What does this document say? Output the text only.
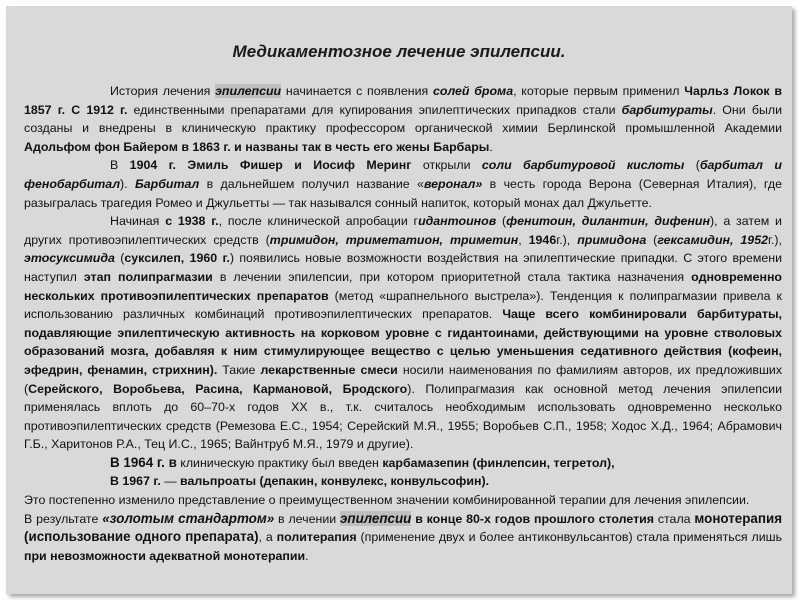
Медикаментозное лечение эпилепсии.

История лечения эпилепсии начинается с появления солей брома, которые первым применил Чарльз Локок в 1857 г. С 1912 г. единственными препаратами для купирования эпилептических припадков стали барбитураты. Они были созданы и внедрены в клиническую практику профессором органической химии Берлинской промышленной Академии Адольфом фон Байером в 1863 г. и названы так в честь его жены Барбары.

В 1904 г. Эмиль Фишер и Иосиф Меринг открыли соли барбитуровой кислоты (барбитал и фенобарбитал). Барбитал в дальнейшем получил название «веронал» в честь города Верона (Северная Италия), где разыгралась трагедия Ромео и Джульетты — так назывался сонный напиток, который монах дал Джульетте.

Начиная с 1938 г., после клинической апробации гидантоинов (фенитоин, дилантин, дифенин), а затем и других противоэпилептических средств (тримидон, триметатион, триметин, 1946г.), примидона (гексамидин, 1952г.), этосуксимида (суксилеп, 1960 г.) появились новые возможности воздействия на эпилептические припадки. С этого времени наступил этап полипрагмазии в лечении эпилепсии, при котором приоритетной стала тактика назначения одновременно нескольких противоэпилептических препаратов (метод «шрапнельного выстрела»). Тенденция к полипрагмазии привела к использованию различных комбинаций противоэпилептических препаратов. Чаще всего комбинировали барбитураты, подавляющие эпилептическую активность на корковом уровне с гидантоинами, действующими на уровне стволовых образований мозга, добавляя к ним стимулирующее вещество с целью уменьшения седативного действия (кофеин, эфедрин, фенамин, стрихнин). Такие лекарственные смеси носили наименования по фамилиям авторов, их предложивших (Серейского, Воробьева, Расина, Кармановой, Бродского). Полипрагмазия как основной метод лечения эпилепсии применялась вплоть до 60–70-х годов XX в., т.к. считалось необходимым использовать одновременно несколько противоэпилептических средств (Ремезова Е.С., 1954; Серейский М.Я., 1955; Воробьев С.П., 1958; Ходос Х.Д., 1964; Абрамович Г.Б., Харитонов Р.А., Тец И.С., 1965; Вайнтруб М.Я., 1979 и другие).

В 1964 г. в клиническую практику был введен карбамазепин (финлепсин, тегретол),

В 1967 г. — вальпроаты (депакин, конвулекс, конвульсофин).

Это постепенно изменило представление о преимущественном значении комбинированной терапии для лечения эпилепсии.

В результате «золотым стандартом» в лечении эпилепсии в конце 80-х годов прошлого столетия стала монотерапия (использование одного препарата), а политерапия (применение двух и более антиконвульсантов) стала применяться лишь при невозможности адекватной монотерапии.
